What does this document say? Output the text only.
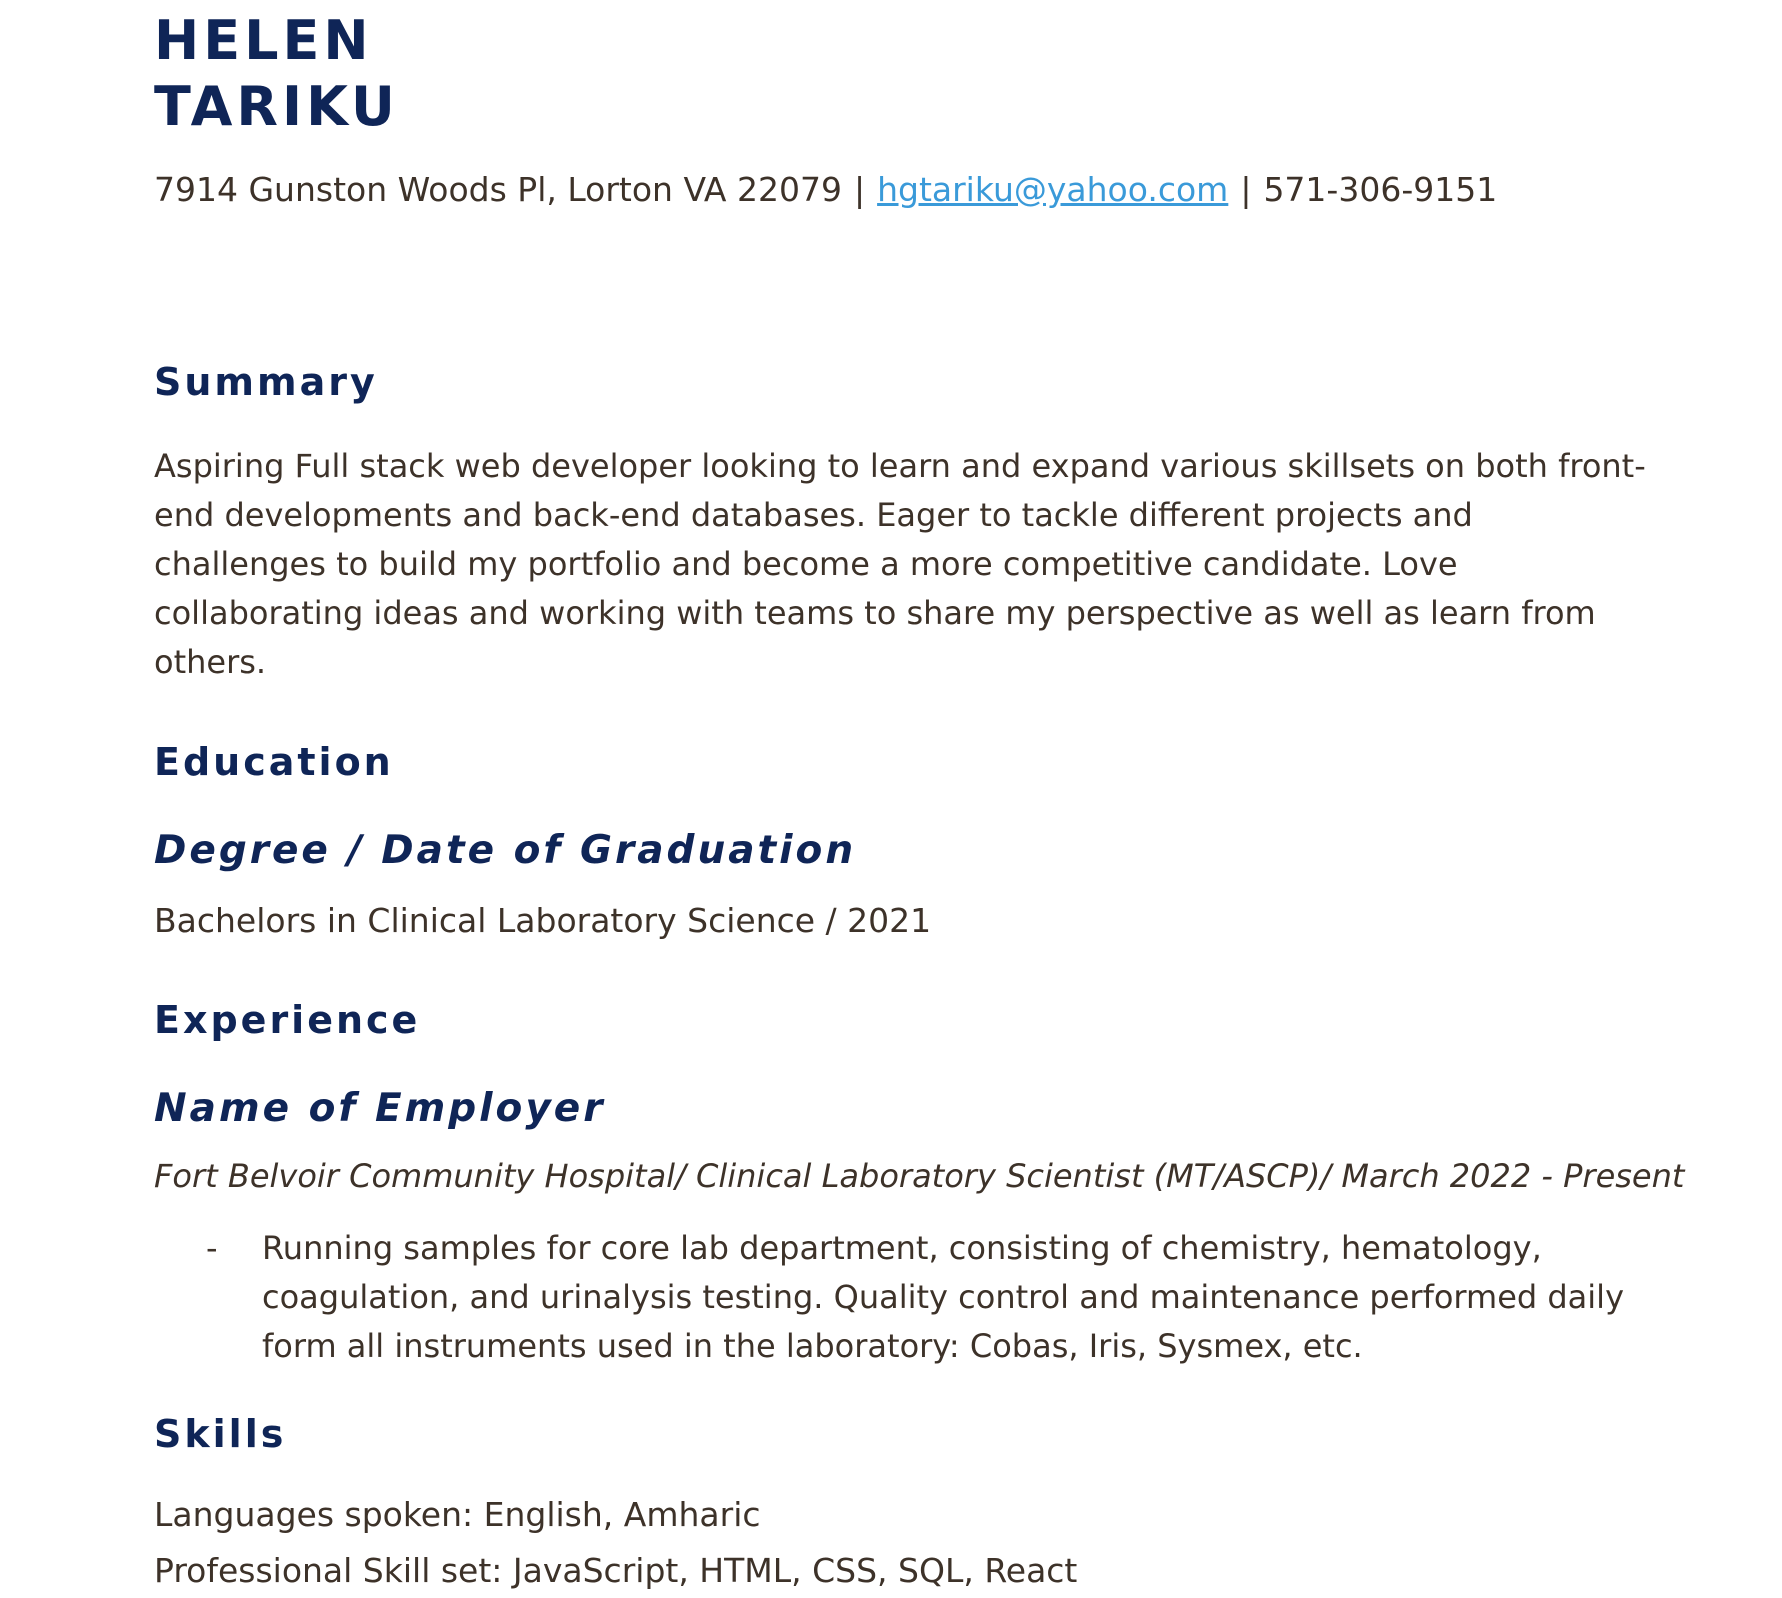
HELEN
TARIKU
7914 Gunston Woods Pl, Lorton VA 22079 | hgtariku@yahoo.com | 571-306-9151
Summary
Aspiring Full stack web developer looking to learn and expand various skillsets on both front-end developments and back-end databases. Eager to tackle different projects and challenges to build my portfolio and become a more competitive candidate. Love collaborating ideas and working with teams to share my perspective as well as learn from others.
Education
Degree / Date of Graduation
Bachelors in Clinical Laboratory Science / 2021
Experience
Name of Employer
Fort Belvoir Community Hospital/ Clinical Laboratory Scientist (MT/ASCP)/ March 2022 - Present
- Running samples for core lab department, consisting of chemistry, hematology, coagulation, and urinalysis testing. Quality control and maintenance performed daily form all instruments used in the laboratory: Cobas, Iris, Sysmex, etc.
Skills
Languages spoken: English, Amharic
Professional Skill set: JavaScript, HTML, CSS, SQL, React
